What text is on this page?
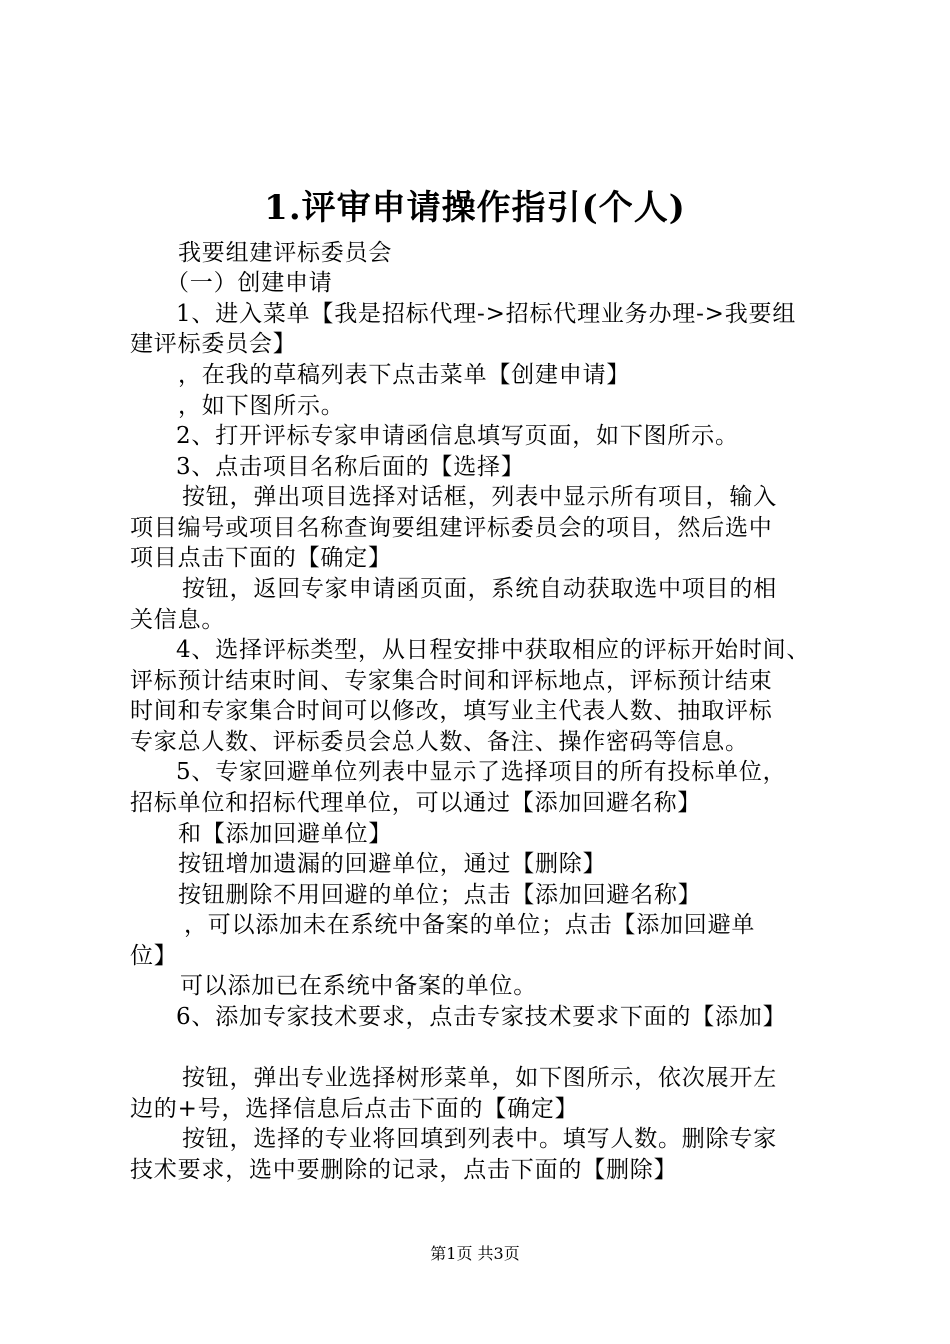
1.评审申请操作指引(个人)
我要组建评标委员会
（一）创建申请
1、进入菜单【我是招标代理->招标代理业务办理->我要组
建评标委员会】
，在我的草稿列表下点击菜单【创建申请】
，如下图所示。
2、打开评标专家申请函信息填写页面，如下图所示。
3、点击项目名称后面的【选择】
按钮，弹出项目选择对话框，列表中显示所有项目，输入
项目编号或项目名称查询要组建评标委员会的项目，然后选中
项目点击下面的【确定】
按钮，返回专家申请函页面，系统自动获取选中项目的相
关信息。
4、选择评标类型，从日程安排中获取相应的评标开始时间、
评标预计结束时间、专家集合时间和评标地点，评标预计结束
时间和专家集合时间可以修改，填写业主代表人数、抽取评标
专家总人数、评标委员会总人数、备注、操作密码等信息。
5、专家回避单位列表中显示了选择项目的所有投标单位，
招标单位和招标代理单位，可以通过【添加回避名称】
和【添加回避单位】
按钮增加遗漏的回避单位，通过【删除】
按钮删除不用回避的单位；点击【添加回避名称】
，可以添加未在系统中备案的单位；点击【添加回避单
位】
可以添加已在系统中备案的单位。
6、添加专家技术要求，点击专家技术要求下面的【添加】
按钮，弹出专业选择树形菜单，如下图所示，依次展开左
边的+号，选择信息后点击下面的【确定】
按钮，选择的专业将回填到列表中。填写人数。删除专家
技术要求，选中要删除的记录，点击下面的【删除】
第1页 共3页
